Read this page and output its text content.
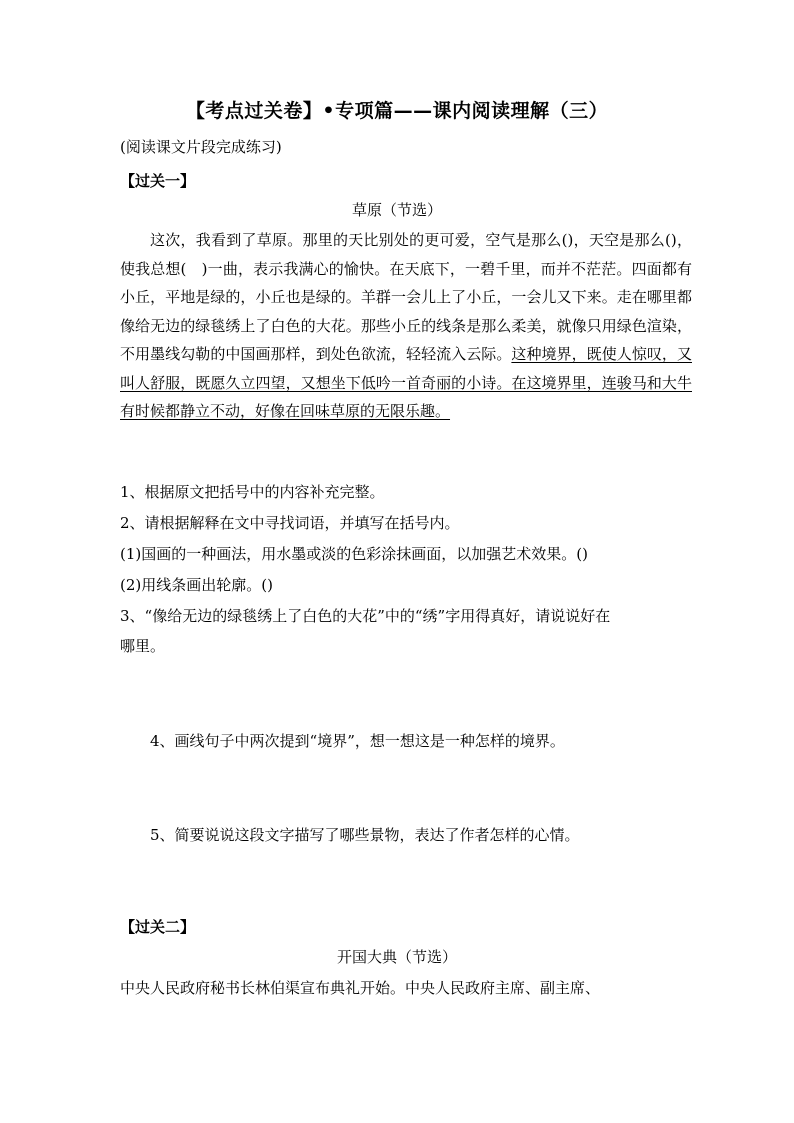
【考点过关卷】•专项篇——课内阅读理解（三）
(阅读课文片段完成练习)
【过关一】
草原（节选）

这次，我看到了草原。那里的天比别处的更可爱，空气是那么()，天空是那么()，使我总想(　)一曲，表示我满心的愉快。在天底下，一碧千里，而并不茫茫。四面都有小丘，平地是绿的，小丘也是绿的。羊群一会儿上了小丘，一会儿又下来。走在哪里都像给无边的绿毯绣上了白色的大花。那些小丘的线条是那么柔美，就像只用绿色渲染，不用墨线勾勒的中国画那样，到处色欲流，轻轻流入云际。这种境界，既使人惊叹，又叫人舒服，既愿久立四望，又想坐下低吟一首奇丽的小诗。在这境界里，连骏马和大牛有时候都静立不动，好像在回味草原的无限乐趣。

1、根据原文把括号中的内容补充完整。
2、请根据解释在文中寻找词语，并填写在括号内。
(1)国画的一种画法，用水墨或淡的色彩涂抹画面，以加强艺术效果。()
(2)用线条画出轮廓。()
3、“像给无边的绿毯绣上了白色的大花”中的“绣”字用得真好，请说说好在
哪里。
4、画线句子中两次提到“境界”，想一想这是一种怎样的境界。
5、简要说说这段文字描写了哪些景物，表达了作者怎样的心情。
【过关二】
开国大典（节选）
中央人民政府秘书长林伯渠宣布典礼开始。中央人民政府主席、副主席、
